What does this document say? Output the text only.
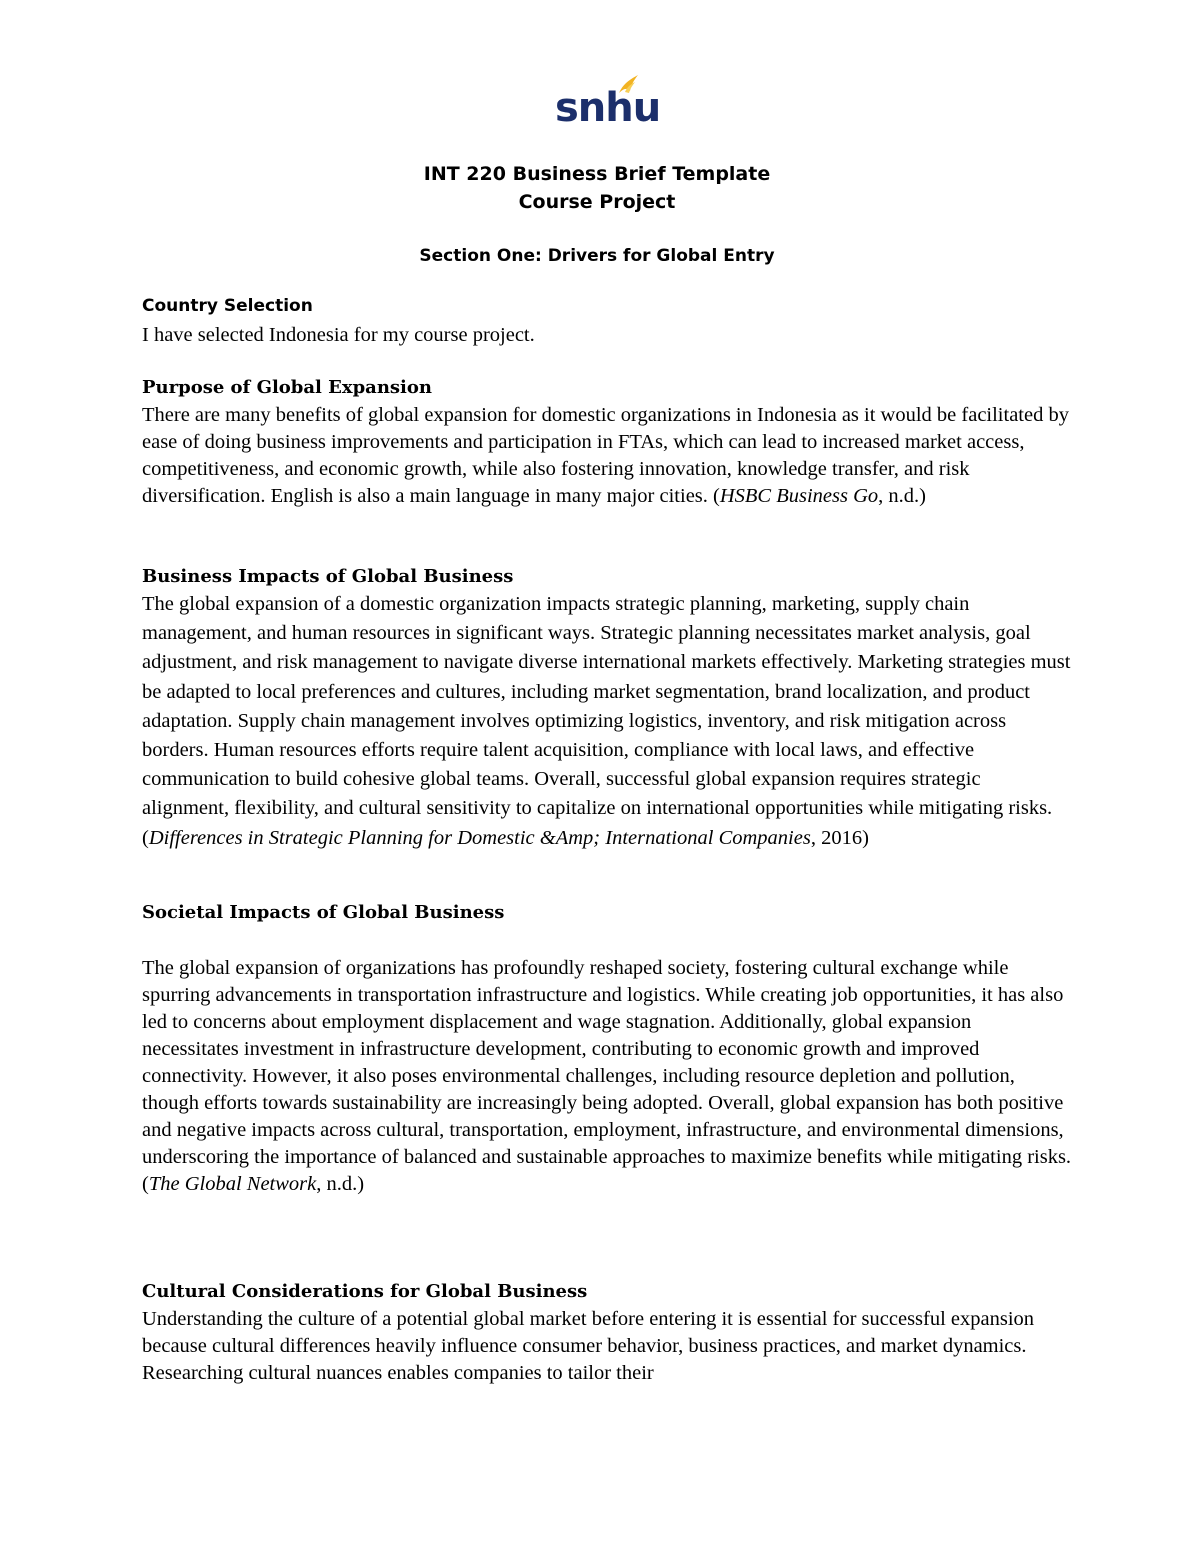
snhu
INT 220 Business Brief Template
Course Project
Section One: Drivers for Global Entry
Country Selection

I have selected Indonesia for my course project.

Purpose of Global Expansion

There are many benefits of global expansion for domestic organizations in Indonesia as it would be facilitated by ease of doing business improvements and participation in FTAs, which can lead to increased market access, competitiveness, and economic growth, while also fostering innovation, knowledge transfer, and risk diversification. English is also a main language in many major cities. (HSBC Business Go, n.d.)

Business Impacts of Global Business

The global expansion of a domestic organization impacts strategic planning, marketing, supply chain management, and human resources in significant ways. Strategic planning necessitates market analysis, goal adjustment, and risk management to navigate diverse international markets effectively. Marketing strategies must be adapted to local preferences and cultures, including market segmentation, brand localization, and product adaptation. Supply chain management involves optimizing logistics, inventory, and risk mitigation across borders. Human resources efforts require talent acquisition, compliance with local laws, and effective communication to build cohesive global teams. Overall, successful global expansion requires strategic alignment, flexibility, and cultural sensitivity to capitalize on international opportunities while mitigating risks. (Differences in Strategic Planning for Domestic &Amp; International Companies, 2016)

Societal Impacts of Global Business

The global expansion of organizations has profoundly reshaped society, fostering cultural exchange while spurring advancements in transportation infrastructure and logistics. While creating job opportunities, it has also led to concerns about employment displacement and wage stagnation. Additionally, global expansion necessitates investment in infrastructure development, contributing to economic growth and improved connectivity. However, it also poses environmental challenges, including resource depletion and pollution, though efforts towards sustainability are increasingly being adopted. Overall, global expansion has both positive and negative impacts across cultural, transportation, employment, infrastructure, and environmental dimensions, underscoring the importance of balanced and sustainable approaches to maximize benefits while mitigating risks. (The Global Network, n.d.)

Cultural Considerations for Global Business

Understanding the culture of a potential global market before entering it is essential for successful expansion because cultural differences heavily influence consumer behavior, business practices, and market dynamics. Researching cultural nuances enables companies to tailor their
